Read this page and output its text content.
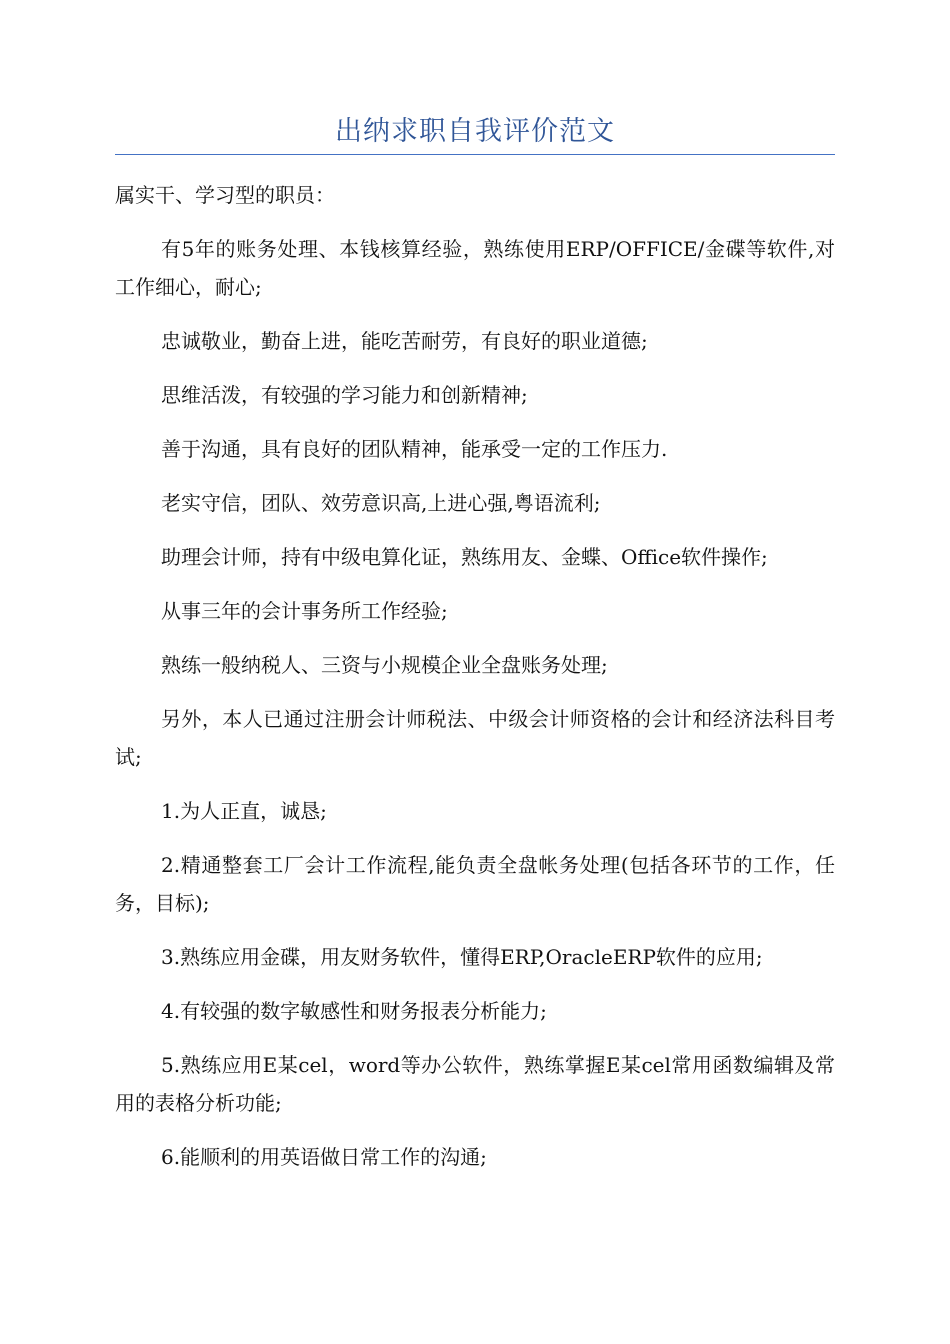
出纳求职自我评价范文

属实干、学习型的职员：

有5年的账务处理、本钱核算经验，熟练使用ERP/OFFICE/金碟等软件,对工作细心，耐心;

忠诚敬业，勤奋上进，能吃苦耐劳，有良好的职业道德;

思维活泼，有较强的学习能力和创新精神;

善于沟通，具有良好的团队精神，能承受一定的工作压力.

老实守信，团队、效劳意识高,上进心强,粤语流利;

助理会计师，持有中级电算化证，熟练用友、金蝶、Office软件操作;

从事三年的会计事务所工作经验;

熟练一般纳税人、三资与小规模企业全盘账务处理;

另外，本人已通过注册会计师税法、中级会计师资格的会计和经济法科目考试;

1.为人正直，诚恳;

2.精通整套工厂会计工作流程,能负责全盘帐务处理(包括各环节的工作，任务，目标);

3.熟练应用金碟，用友财务软件，懂得ERP,OracleERP软件的应用;

4.有较强的数字敏感性和财务报表分析能力;

5.熟练应用E某cel，word等办公软件，熟练掌握E某cel常用函数编辑及常用的表格分析功能;

6.能顺利的用英语做日常工作的沟通;
